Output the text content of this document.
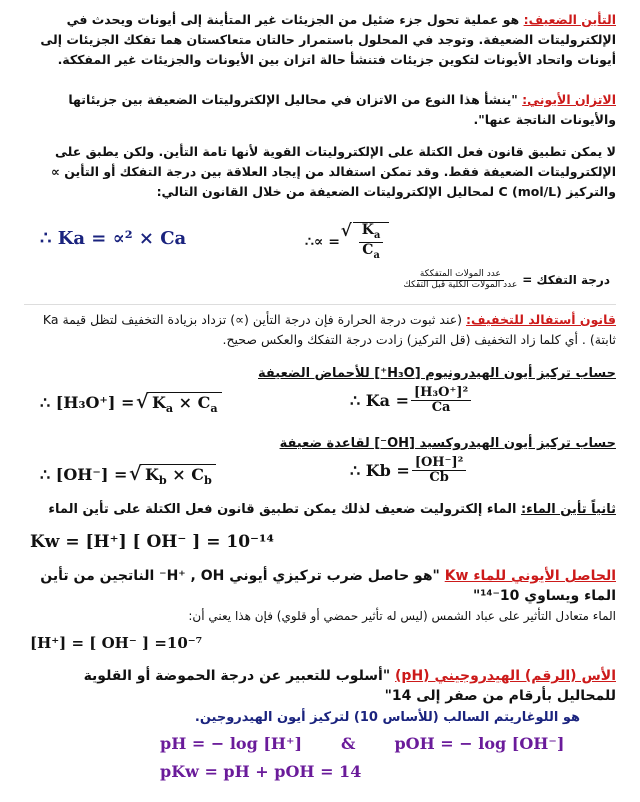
التأين الضعيف: هو عملية تحول جزء ضئيل من الجزيئات غير المتأينة إلى أيونات ويحدث في الإلكتروليتات الضعيفة. وتوجد في المحلول باستمرار حالتان متعاكستان هما تفكك الجزيئات إلى أيونات واتحاد الأيونات لتكوين جزيئات فتنشأ حالة اتزان بين الأيونات والجزيئات غير المفككة.
الاتزان الأيوني: "ينشأ هذا النوع من الاتزان في محاليل الإلكتروليتات الضعيفة بين جزيئاتها والأيونات الناتجة عنها".
لا يمكن تطبيق قانون فعل الكتلة على الإلكتروليتات القوية لأنها تامة التأين. ولكن يطبق على الإلكتروليتات الضعيفة فقط. وقد تمكن استفالد من إيجاد العلاقة بين درجة التفكك أو التأين ∝ والتركيز C (mol/L) لمحاليل الإلكتروليتات الضعيفة من خلال القانون التالي:
∴ Ka = ∝² × Ca	∴∝ = √ $\frac{K_a}{C_a}$
درجة التفكك =
$\frac{\text{عدد المولات المتفككة}}{\text{عدد المولات الكلية قبل التفكك}}$
قانون أستفالد للتخفيف: (عند ثبوت درجة الحرارة فإن درجة التأين (∝) تزداد بزيادة التخفيف لتظل قيمة Ka ثابتة) . أي كلما زاد التخفيف (قل التركيز) زادت درجة التفكك والعكس صحيح.
حساب تركيز أيون الهيدرونيوم [H₃O⁺] للأحماض الضعيفة
∴ [H₃O⁺] = √ $K_a \times C_a$	∴ $Ka = \frac{\text{[H₃O⁺]²}}{Ca}$
حساب تركيز أيون الهيدروكسيد [OH⁻] لقاعدة ضعيفة
∴ [OH⁻] = √ $K_b \times C_b$	∴ $Kb = \frac{\text{[OH⁻]²}}{Cb}$
ثانياً تأين الماء: الماء إلكتروليت ضعيف لذلك يمكن تطبيق قانون فعل الكتلة على تأين الماء
Kw = [H⁺] [ OH⁻ ] = 10⁻¹⁴
الحاصل الأيوني للماء Kw "هو حاصل ضرب تركيزي أيوني H⁺ , OH⁻ الناتجين من تأين الماء ويساوي 10⁻¹⁴"
الماء متعادل التأثير على عباد الشمس (ليس له تأثير حمضي أو قلوي) فإن هذا يعني أن:
[H⁺] = [ OH⁻ ] =10⁻⁷
الأس (الرقم) الهيدروجيني (pH) "أسلوب للتعبير عن درجة الحموضة أو القلوية للمحاليل بأرقام من صفر إلى 14"
هو اللوغاريتم السالب (للأساس 10) لتركيز أيون الهيدروجين.
pH = − log [H⁺]       &       pOH = − log [OH⁻]
pKw = pH + pOH = 14
